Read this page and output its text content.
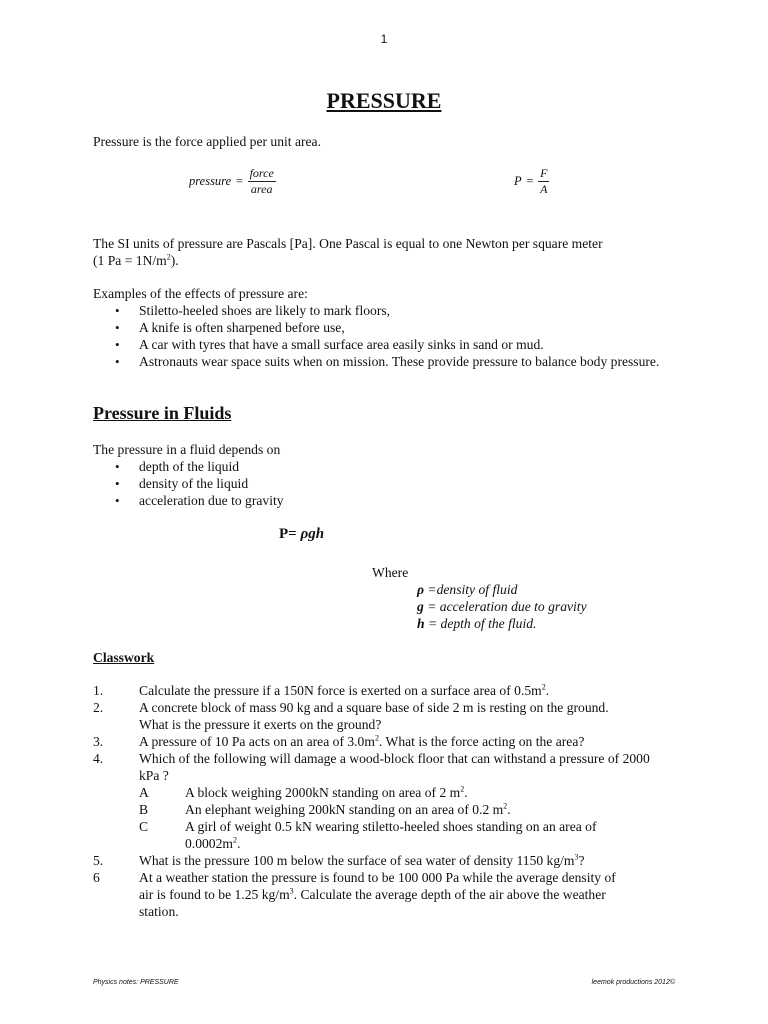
1
PRESSURE
Pressure is the force applied per unit area.
pressure = $\frac{\text{force}}{\text{area}}$	$P = \frac{F}{A}$
The SI units of pressure are Pascals [Pa]. One Pascal is equal to one Newton per square meter
(1 $Pa = 1N/m^2$).
Examples of the effects of pressure are:
• Stiletto-heeled shoes are likely to mark floors,
• A knife is often sharpened before use,
• A car with tyres that have a small surface area easily sinks in sand or mud.
• Astronauts wear space suits when on mission. These provide pressure to balance body pressure.
Pressure in Fluids
The pressure in a fluid depends on
• depth of the liquid
• density of the liquid
• acceleration due to gravity
P= ρgh
Where
ρ =density of fluid
g = acceleration due to gravity
h = depth of the fluid.
Classwork
1.	Calculate the pressure if a 150N force is exerted on a surface area of $0.5m^2$.
2.	A concrete block of mass 90 kg and a square base of side 2 m is resting on the ground. What is the pressure it exerts on the ground?
3.	A pressure of 10 Pa acts on an area of $3.0m^2$. What is the force acting on the area?
4.	Which of the following will damage a wood-block floor that can withstand a pressure of 2000 kPa ?
A	A block weighing 2000kN standing on area of 2 $m^2$.
B	An elephant weighing 200kN standing on an area of 0.2 $m^2$.
C	A girl of weight 0.5 kN wearing stiletto-heeled shoes standing on an area of $0.0002m^2$.
5.	What is the pressure 100 m below the surface of sea water of density 1150 $kg/m^3$?
6	At a weather station the pressure is found to be 100 000 Pa while the average density of air is found to be 1.25 $kg/m^3$. Calculate the average depth of the air above the weather station.
Physics notes: PRESSURE	leemok productions 2012©
